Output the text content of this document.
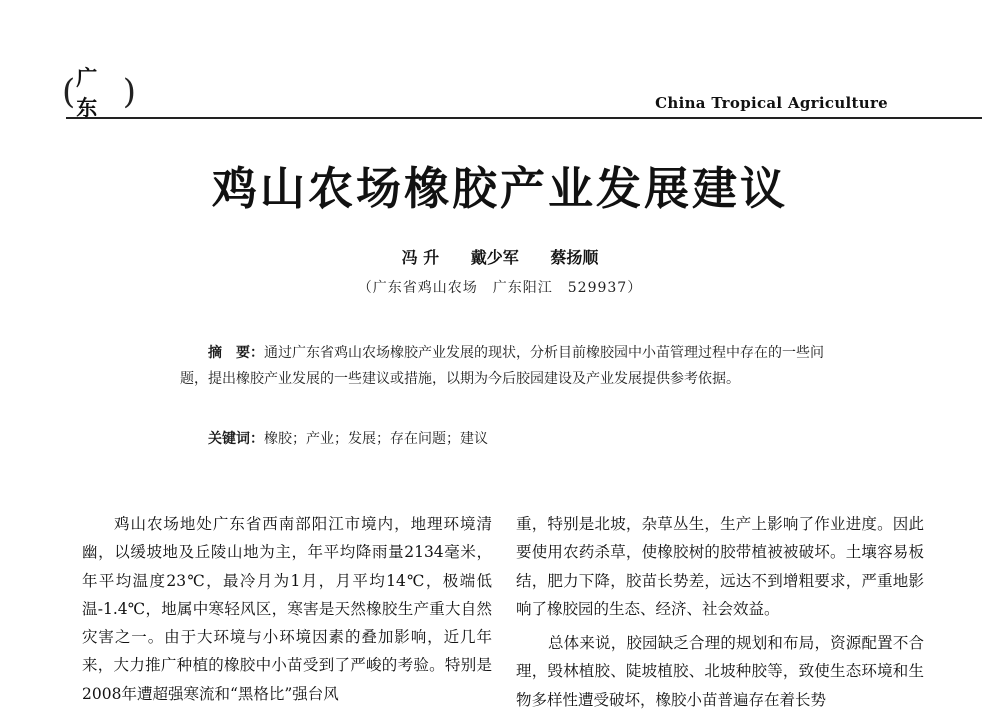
( 广东 )	China Tropical Agriculture
鸡山农场橡胶产业发展建议
冯 升 戴少军 蔡扬顺
（广东省鸡山农场　广东阳江　529937）
摘　要：通过广东省鸡山农场橡胶产业发展的现状，分析目前橡胶园中小苗管理过程中存在的一些问题，提出橡胶产业发展的一些建议或措施，以期为今后胶园建设及产业发展提供参考依据。
关键词：橡胶；产业；发展；存在问题；建议

鸡山农场地处广东省西南部阳江市境内，地理环境清幽，以缓坡地及丘陵山地为主，年平均降雨量2134毫米，年平均温度23℃，最冷月为1月，月平均14℃，极端低温-1.4℃，地属中寒轻风区，寒害是天然橡胶生产重大自然灾害之一。由于大环境与小环境因素的叠加影响，近几年来，大力推广种植的橡胶中小苗受到了严峻的考验。特别是2008年遭超强寒流和“黑格比”强台风

重，特别是北坡，杂草丛生，生产上影响了作业进度。因此要使用农药杀草，使橡胶树的胶带植被被破坏。土壤容易板结，肥力下降，胶苗长势差，远达不到增粗要求，严重地影响了橡胶园的生态、经济、社会效益。

总体来说，胶园缺乏合理的规划和布局，资源配置不合理，毁林植胶、陡坡植胶、北坡种胶等，致使生态环境和生物多样性遭受破坏，橡胶小苗普遍存在着长势
